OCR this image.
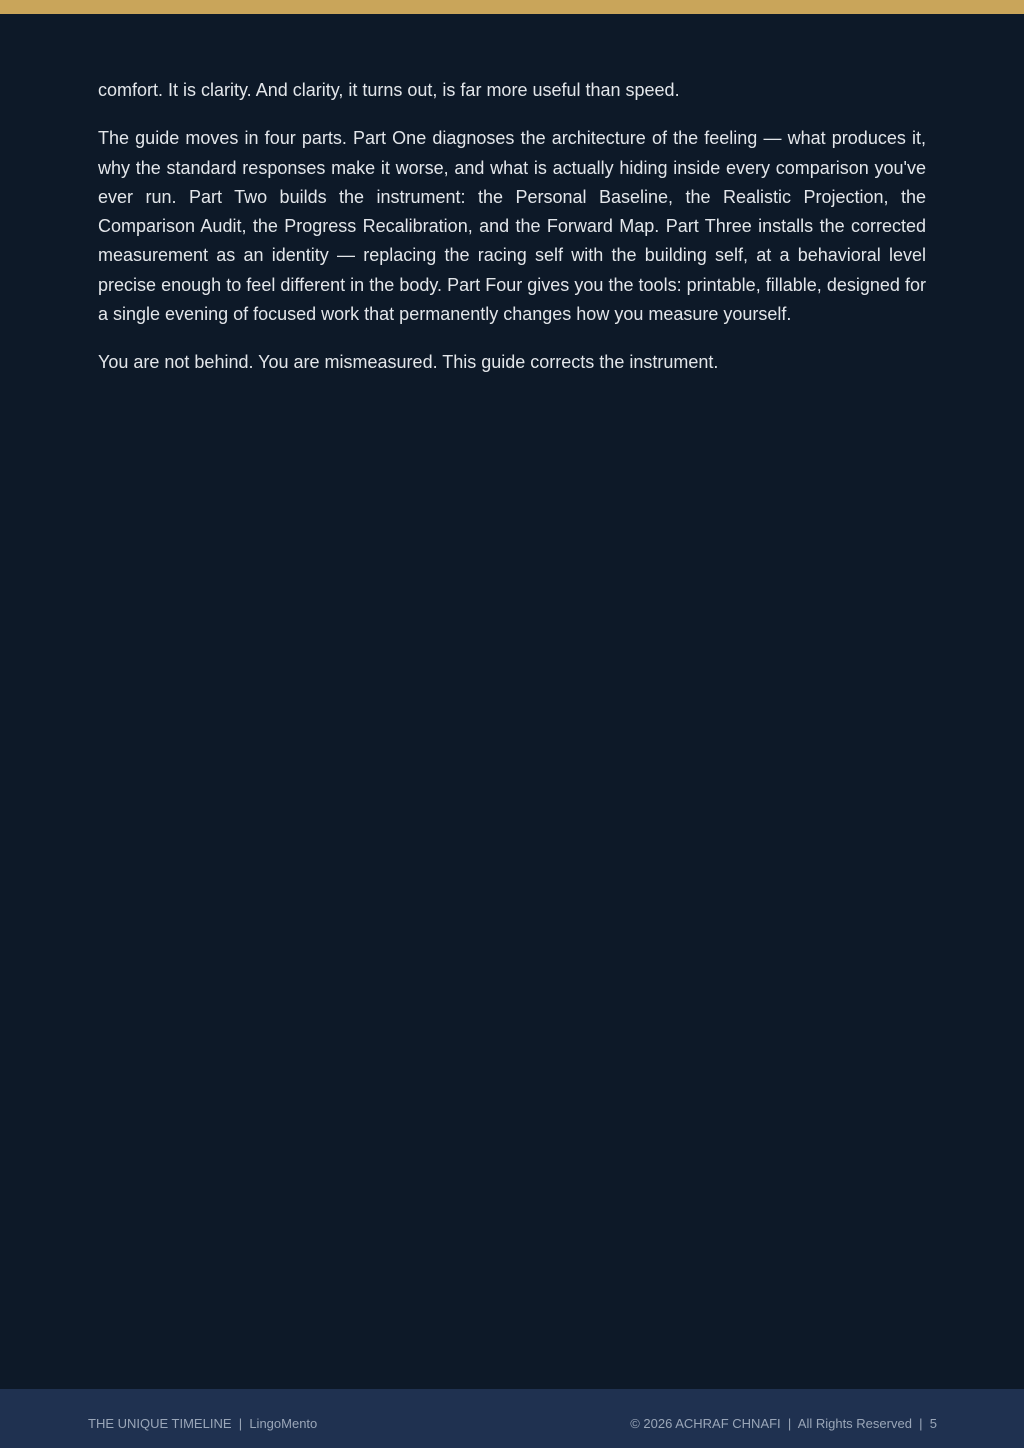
comfort. It is clarity. And clarity, it turns out, is far more useful than speed.

The guide moves in four parts. Part One diagnoses the architecture of the feeling — what produces it, why the standard responses make it worse, and what is actually hiding inside every comparison you've ever run. Part Two builds the instrument: the Personal Baseline, the Realistic Projection, the Comparison Audit, the Progress Recalibration, and the Forward Map. Part Three installs the corrected measurement as an identity — replacing the racing self with the building self, at a behavioral level precise enough to feel different in the body. Part Four gives you the tools: printable, fillable, designed for a single evening of focused work that permanently changes how you measure yourself.

You are not behind. You are mismeasured. This guide corrects the instrument.

THE UNIQUE TIMELINE  |  LingoMento	© 2026 ACHRAF CHNAFI  |  All Rights Reserved  |  5
